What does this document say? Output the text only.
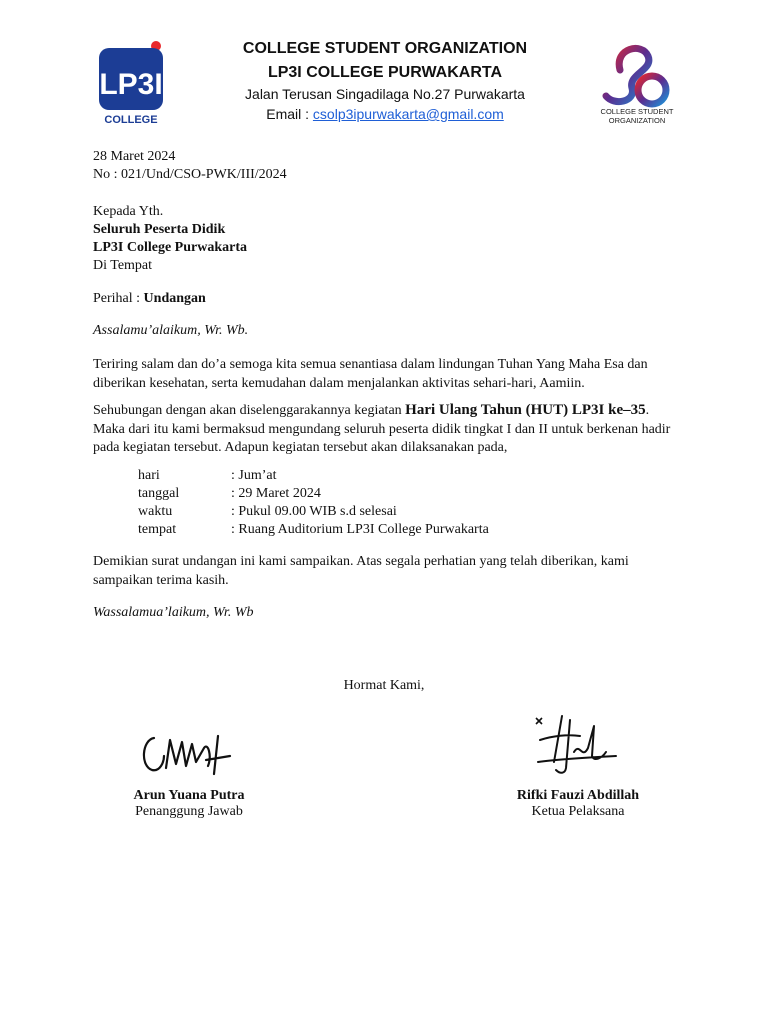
LP3I
COLLEGE
COLLEGE STUDENT ORGANIZATION
LP3I COLLEGE PURWAKARTA
Jalan Terusan Singadilaga No.27 Purwakarta
Email : csolp3ipurwakarta@gmail.com	COLLEGE STUDENT
ORGANIZATION
28 Maret 2024
No : 021/Und/CSO-PWK/III/2024
Kepada Yth.
Seluruh Peserta Didik
LP3I College Purwakarta
Di Tempat
Perihal : Undangan
Assalamu’alaikum, Wr. Wb.
Teriring salam dan do’a semoga kita semua senantiasa dalam lindungan Tuhan Yang Maha Esa dan diberikan kesehatan, serta kemudahan dalam menjalankan aktivitas sehari-hari, Aamiin.
Sehubungan dengan akan diselenggarakannya kegiatan Hari Ulang Tahun (HUT) LP3I ke–35. Maka dari itu kami bermaksud mengundang seluruh peserta didik tingkat I dan II untuk berkenan hadir pada kegiatan tersebut. Adapun kegiatan tersebut akan dilaksanakan pada,
hari	: Jum’at
tanggal	: 29 Maret 2024
waktu	: Pukul 09.00 WIB s.d selesai
tempat	: Ruang Auditorium LP3I College Purwakarta
Demikian surat undangan ini kami sampaikan. Atas segala perhatian yang telah diberikan, kami sampaikan terima kasih.
Wassalamua’laikum, Wr. Wb
Hormat Kami,
Arun Yuana Putra
Penanggung Jawab
Rifki Fauzi Abdillah
Ketua Pelaksana
